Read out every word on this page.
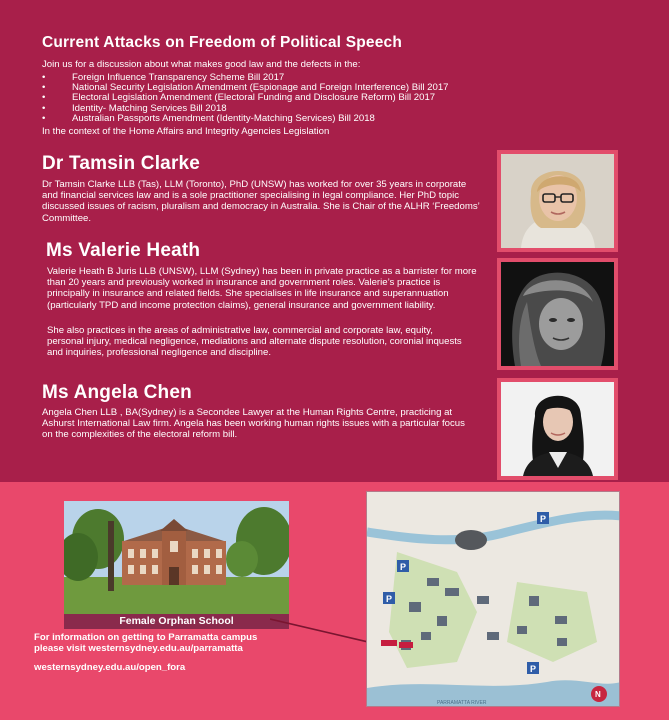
Current Attacks on Freedom of Political Speech

Join us for a discussion about what makes good law and the defects in the:

• Foreign Influence Transparency Scheme Bill 2017
• National Security Legislation Amendment (Espionage and Foreign Interference) Bill 2017
• Electoral Legislation Amendment (Electoral Funding and Disclosure Reform) Bill 2017
• Identity- Matching Services Bill 2018
• Australian Passports Amendment (Identity-Matching Services) Bill 2018

In the context of the Home Affairs and Integrity Agencies Legislation

Dr Tamsin Clarke

Dr Tamsin Clarke LLB (Tas), LLM (Toronto), PhD (UNSW) has worked for over 35 years in corporate and financial services law and is a sole practitioner specialising in legal compliance. Her PhD topic discussed issues of racism, pluralism and democracy in Australia. She is Chair of the ALHR ‘Freedoms’ Committee.

Ms Valerie Heath

Valerie Heath B Juris LLB (UNSW), LLM (Sydney) has been in private practice as a barrister for more than 20 years and previously worked in insurance and government roles. Valerie’s practice is principally in insurance and related fields. She specialises in life insurance and superannuation (particularly TPD and income protection claims), general insurance and government liability.

She also practices in the areas of administrative law, commercial and corporate law, equity, personal injury, medical negligence, mediations and alternate dispute resolution, coronial inquests and inquiries, professional negligence and discipline.

Ms Angela Chen

Angela Chen LLB , BA(Sydney) is a Secondee Lawyer at the Human Rights Centre, practicing at Ashurst International Law firm. Angela has been working human rights issues with a particular focus on the complexities of the electoral reform bill.

Female Orphan School

For information on getting to Parramatta campus
please visit westernsydney.edu.au/parramatta

westernsydney.edu.au/open_fora

P
P
P
P
N
PARRAMATTA RIVER
